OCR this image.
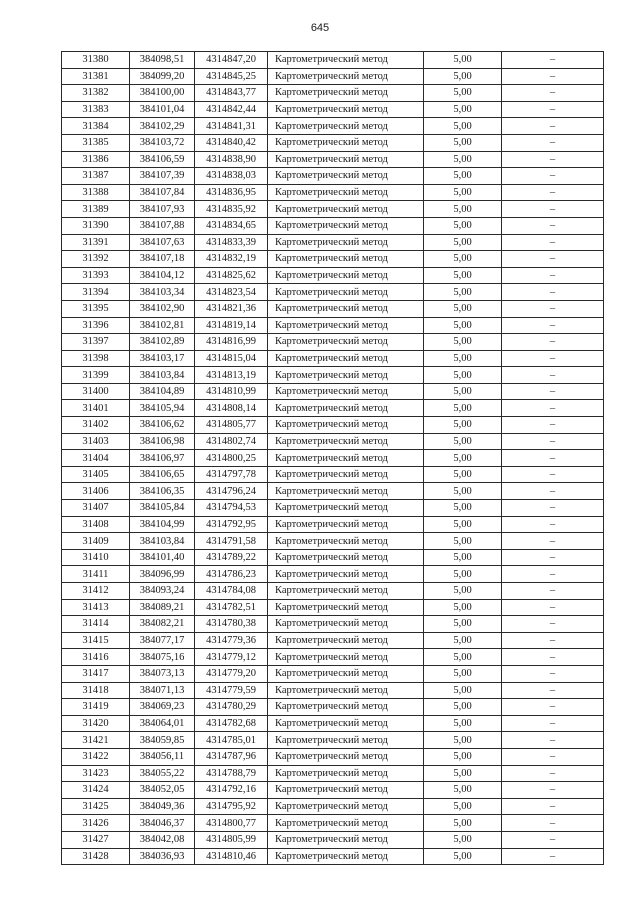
645
31380	384098,51	4314847,20	Картометрический метод	5,00	–
31381	384099,20	4314845,25	Картометрический метод	5,00	–
31382	384100,00	4314843,77	Картометрический метод	5,00	–
31383	384101,04	4314842,44	Картометрический метод	5,00	–
31384	384102,29	4314841,31	Картометрический метод	5,00	–
31385	384103,72	4314840,42	Картометрический метод	5,00	–
31386	384106,59	4314838,90	Картометрический метод	5,00	–
31387	384107,39	4314838,03	Картометрический метод	5,00	–
31388	384107,84	4314836,95	Картометрический метод	5,00	–
31389	384107,93	4314835,92	Картометрический метод	5,00	–
31390	384107,88	4314834,65	Картометрический метод	5,00	–
31391	384107,63	4314833,39	Картометрический метод	5,00	–
31392	384107,18	4314832,19	Картометрический метод	5,00	–
31393	384104,12	4314825,62	Картометрический метод	5,00	–
31394	384103,34	4314823,54	Картометрический метод	5,00	–
31395	384102,90	4314821,36	Картометрический метод	5,00	–
31396	384102,81	4314819,14	Картометрический метод	5,00	–
31397	384102,89	4314816,99	Картометрический метод	5,00	–
31398	384103,17	4314815,04	Картометрический метод	5,00	–
31399	384103,84	4314813,19	Картометрический метод	5,00	–
31400	384104,89	4314810,99	Картометрический метод	5,00	–
31401	384105,94	4314808,14	Картометрический метод	5,00	–
31402	384106,62	4314805,77	Картометрический метод	5,00	–
31403	384106,98	4314802,74	Картометрический метод	5,00	–
31404	384106,97	4314800,25	Картометрический метод	5,00	–
31405	384106,65	4314797,78	Картометрический метод	5,00	–
31406	384106,35	4314796,24	Картометрический метод	5,00	–
31407	384105,84	4314794,53	Картометрический метод	5,00	–
31408	384104,99	4314792,95	Картометрический метод	5,00	–
31409	384103,84	4314791,58	Картометрический метод	5,00	–
31410	384101,40	4314789,22	Картометрический метод	5,00	–
31411	384096,99	4314786,23	Картометрический метод	5,00	–
31412	384093,24	4314784,08	Картометрический метод	5,00	–
31413	384089,21	4314782,51	Картометрический метод	5,00	–
31414	384082,21	4314780,38	Картометрический метод	5,00	–
31415	384077,17	4314779,36	Картометрический метод	5,00	–
31416	384075,16	4314779,12	Картометрический метод	5,00	–
31417	384073,13	4314779,20	Картометрический метод	5,00	–
31418	384071,13	4314779,59	Картометрический метод	5,00	–
31419	384069,23	4314780,29	Картометрический метод	5,00	–
31420	384064,01	4314782,68	Картометрический метод	5,00	–
31421	384059,85	4314785,01	Картометрический метод	5,00	–
31422	384056,11	4314787,96	Картометрический метод	5,00	–
31423	384055,22	4314788,79	Картометрический метод	5,00	–
31424	384052,05	4314792,16	Картометрический метод	5,00	–
31425	384049,36	4314795,92	Картометрический метод	5,00	–
31426	384046,37	4314800,77	Картометрический метод	5,00	–
31427	384042,08	4314805,99	Картометрический метод	5,00	–
31428	384036,93	4314810,46	Картометрический метод	5,00	–
